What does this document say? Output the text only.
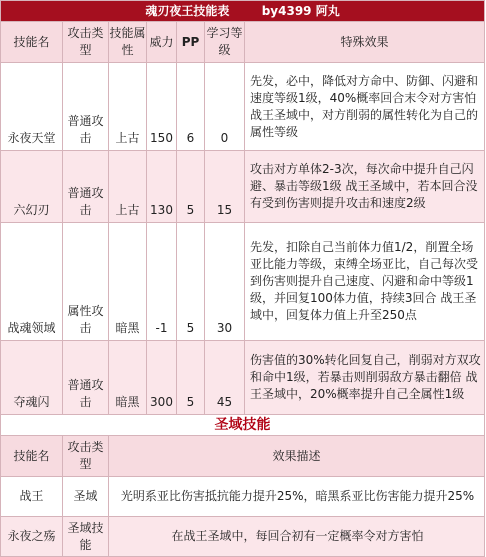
魂刃夜王技能表 by4399 阿丸						
技能名	攻击类型	技能属性	威力	PP	学习等级	特殊效果
永夜天堂	普通攻击	上古	150	6	0	先发，必中，降低对方命中、防御、闪避和速度等级1级，40%概率回合末令对方害怕 战王圣域中，对方削弱的属性转化为自己的属性等级
六幻刃	普通攻击	上古	130	5	15	攻击对方单体2-3次，每次命中提升自己闪避、暴击等级1级 战王圣域中，若本回合没有受到伤害则提升攻击和速度2级
战魂领域	属性攻击	暗黑	-1	5	30	先发，扣除自己当前体力值1/2，削置全场亚比能力等级，束缚全场亚比，自己每次受到伤害则提升自己速度、闪避和命中等级1级，并回复100体力值，持续3回合 战王圣域中，回复体力值上升至250点
夺魂闪	普通攻击	暗黑	300	5	45	伤害值的30%转化回复自己，削弱对方双攻和命中1级，若暴击则削弱敌方暴击翻倍 战王圣域中，20%概率提升自己全属性1级
圣域技能						
技能名	攻击类型	效果描述				
战王	圣域	光明系亚比伤害抵抗能力提升25%，暗黑系亚比伤害能力提升25%				
永夜之殇	圣域技能	在战王圣域中，每回合初有一定概率令对方害怕				
